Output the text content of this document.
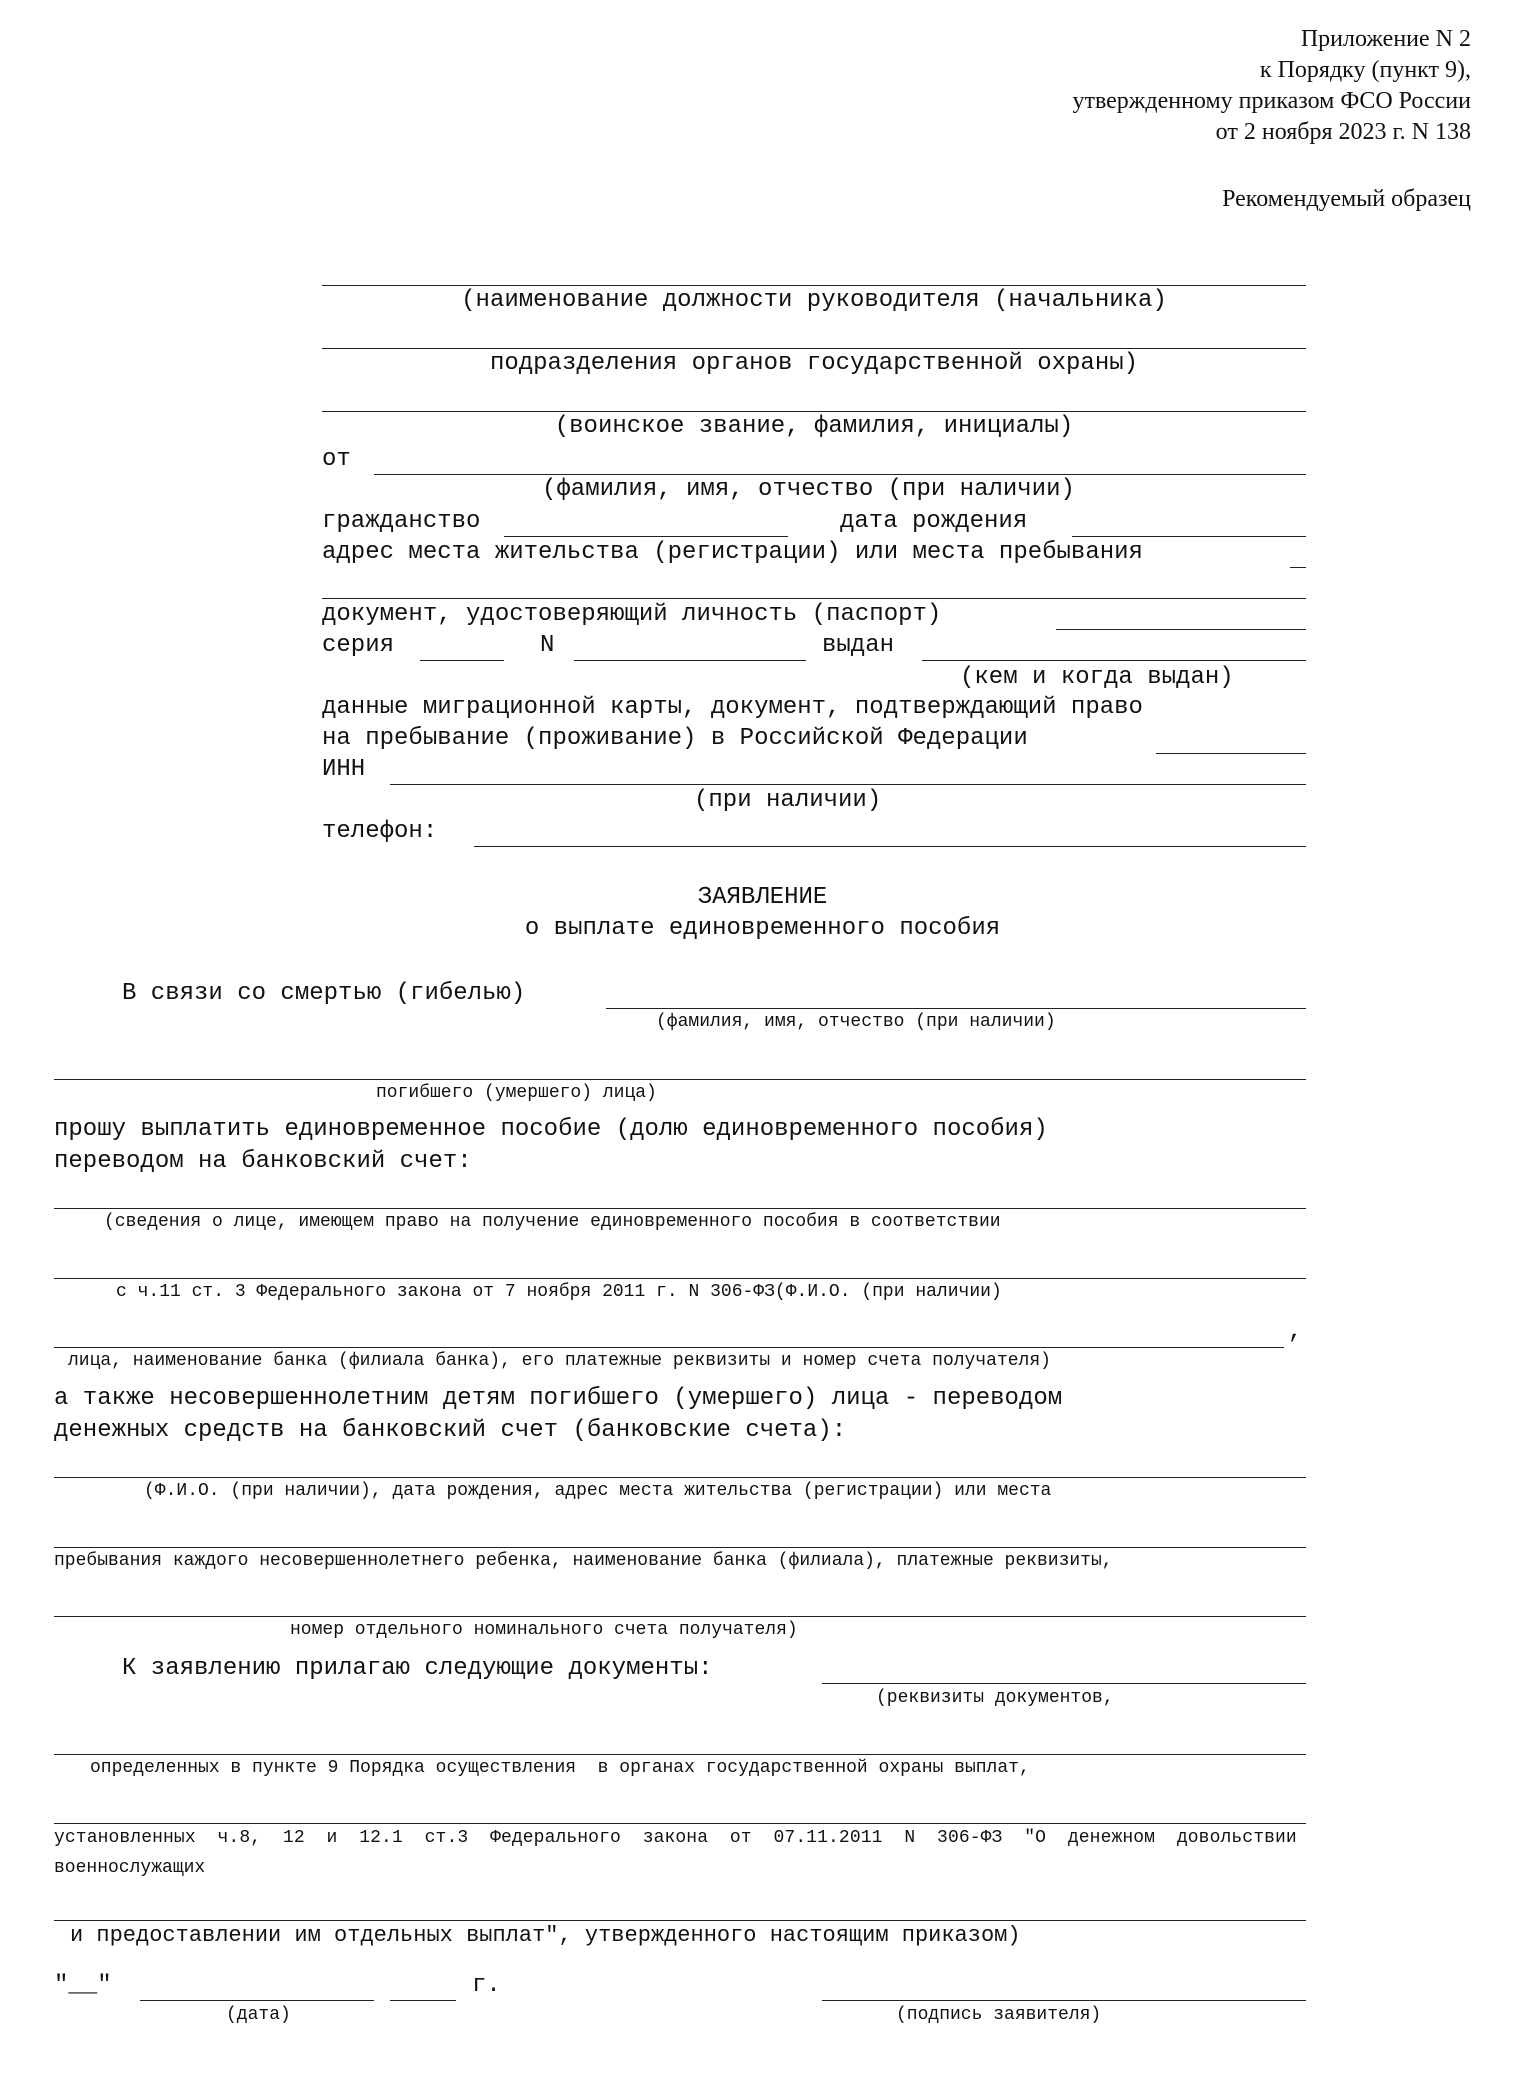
Приложение N 2
к Порядку (пункт 9),
утвержденному приказом ФСО России
от 2 ноября 2023 г. N 138
Рекомендуемый образец
(наименование должности руководителя (начальника)
подразделения органов государственной охраны)
(воинское звание, фамилия, инициалы)
от
(фамилия, имя, отчество (при наличии)
гражданство	дата рождения
адрес места жительства (регистрации) или места пребывания
документ, удостоверяющий личность (паспорт)
серия	N	выдан
(кем и когда выдан)
данные миграционной карты, документ, подтверждающий право
на пребывание (проживание) в Российской Федерации
ИНН
(при наличии)
телефон:
ЗАЯВЛЕНИЕ
о выплате единовременного пособия
В связи со смертью (гибелью)
(фамилия, имя, отчество (при наличии)
погибшего (умершего) лица)
прошу выплатить единовременное пособие (долю единовременного пособия)
переводом на банковский счет:
(сведения о лице, имеющем право на получение единовременного пособия в соответствии
с ч.11 ст. 3 Федерального закона от 7 ноября 2011 г. N 306-ФЗ(Ф.И.О. (при наличии)
,
лица, наименование банка (филиала банка), его платежные реквизиты и номер счета получателя)
а также несовершеннолетним детям погибшего (умершего) лица - переводом
денежных средств на банковский счет (банковские счета):
(Ф.И.О. (при наличии), дата рождения, адрес места жительства (регистрации) или места
пребывания каждого несовершеннолетнего ребенка, наименование банка (филиала), платежные реквизиты,
номер отдельного номинального счета получателя)
К заявлению прилагаю следующие документы:
(реквизиты документов,
определенных в пункте 9 Порядка осуществления  в органах государственной охраны выплат,
установленных  ч.8,  12  и  12.1  ст.3  Федерального  закона  от  07.11.2011  N  306-ФЗ  "О  денежном  довольствии
военнослужащих
и предоставлении им отдельных выплат", утвержденного настоящим приказом)
"__"	г.
(дата)	(подпись заявителя)
